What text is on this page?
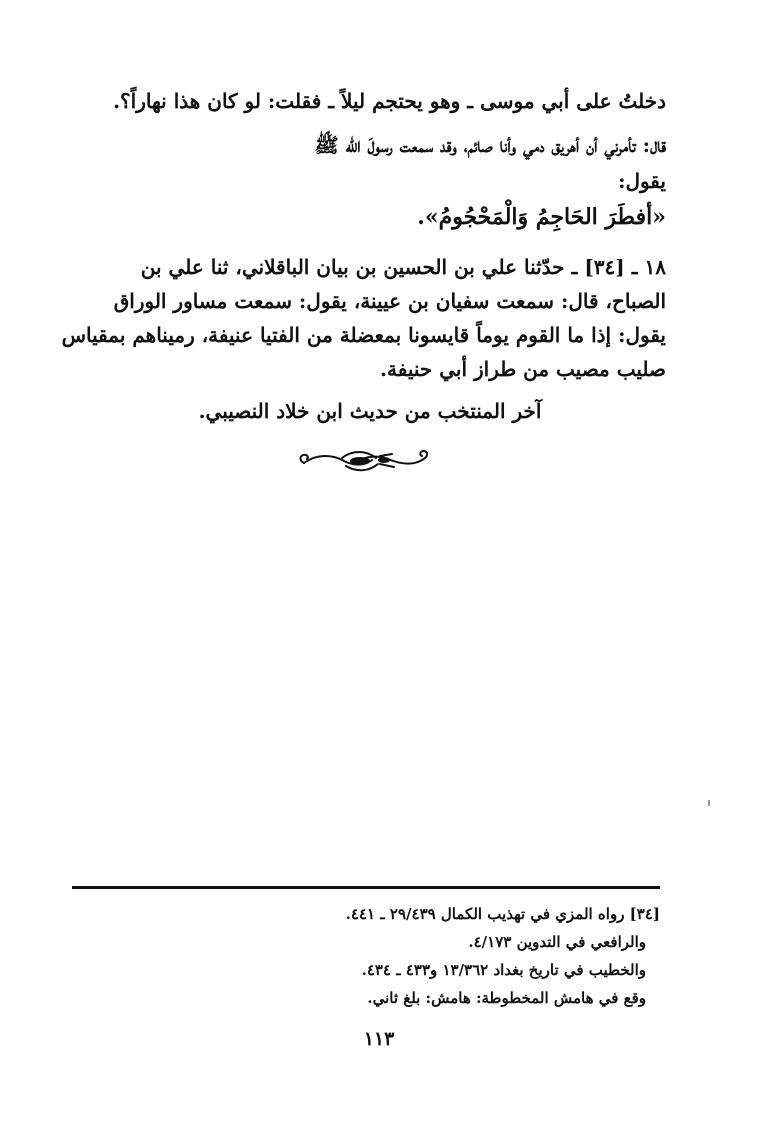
دخلتُ على أبي موسى ـ وهو يحتجم ليلاً ـ فقلت: لو كان هذا نهاراً؟.
قال: تأمرني أن أهريق دمي وأنا صائم، وقد سمعت رسولَ الله ﷺ
يقول:
«أفطَرَ الحَاجِمُ وَالْمَحْجُومُ».
١٨ ـ [٣٤] ـ حدّثنا علي بن الحسين بن بيان الباقلاني، ثنا علي بن
الصباح، قال: سمعت سفيان بن عيينة، يقول: سمعت مساور الوراق
يقول: إذا ما القوم يوماً قايسونا بمعضلة من الفتيا عنيفة، رميناهم بمقياس
صليب مصيب من طراز أبي حنيفة.
آخر المنتخب من حديث ابن خلاد النصيبي.
[٣٤] رواه المزي في تهذيب الكمال ٢٩/٤٣٩ ـ ٤٤١.
والرافعي في التدوين ٤/١٧٣.
والخطيب في تاريخ بغداد ١٣/٣٦٢ و٤٣٣ ـ ٤٣٤.
وقع في هامش المخطوطة: هامش: بلغ ثاني.
١١٣
